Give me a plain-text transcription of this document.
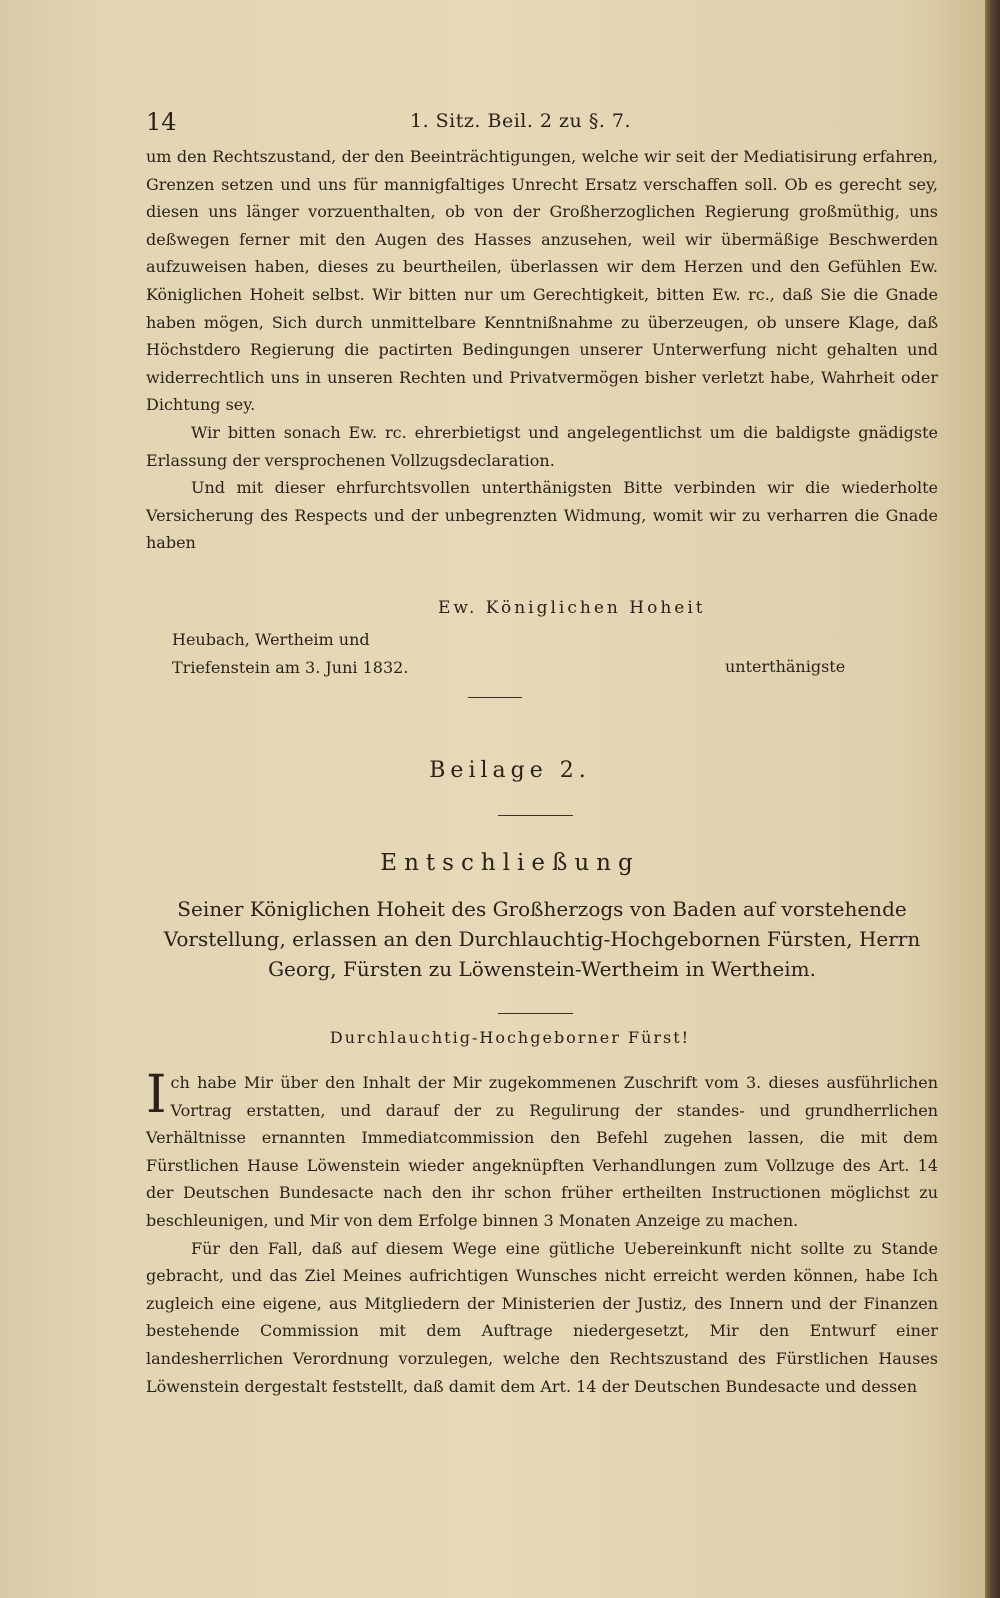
14	1. Sitz. Beil. 2 zu §. 7.

um den Rechtszustand, der den Beeinträchtigungen, welche wir seit der Mediatisirung erfahren, Grenzen setzen und uns für mannigfaltiges Unrecht Ersatz verschaffen soll. Ob es gerecht sey, diesen uns länger vorzuenthalten, ob von der Großherzoglichen Regierung großmüthig, uns deßwegen ferner mit den Augen des Hasses anzusehen, weil wir übermäßige Beschwerden aufzuweisen haben, dieses zu beurtheilen, überlassen wir dem Herzen und den Gefühlen Ew. Königlichen Hoheit selbst. Wir bitten nur um Gerechtigkeit, bitten Ew. rc., daß Sie die Gnade haben mögen, Sich durch unmittelbare Kenntnißnahme zu überzeugen, ob unsere Klage, daß Höchstdero Regierung die pactirten Bedingungen unserer Unterwerfung nicht gehalten und widerrechtlich uns in unseren Rechten und Privatvermögen bisher verletzt habe, Wahrheit oder Dichtung sey.

Wir bitten sonach Ew. rc. ehrerbietigst und angelegentlichst um die baldigste gnädigste Erlassung der versprochenen Vollzugsdeclaration.

Und mit dieser ehrfurchtsvollen unterthänigsten Bitte verbinden wir die wiederholte Versicherung des Respects und der unbegrenzten Widmung, womit wir zu verharren die Gnade haben

Ew. Königlichen Hoheit
Heubach, Wertheim und
Triefenstein am 3. Juni 1832.	unterthänigste
Beilage 2.
Entschließung
Seiner Königlichen Hoheit des Großherzogs von Baden auf vorstehende Vorstellung, erlassen an den Durchlauchtig-Hochgebornen Fürsten, Herrn Georg, Fürsten zu Löwenstein-Wertheim in Wertheim.
Durchlauchtig-Hochgeborner Fürst!

Ich habe Mir über den Inhalt der Mir zugekommenen Zuschrift vom 3. dieses ausführlichen Vortrag erstatten, und darauf der zu Regulirung der standes- und grundherrlichen Verhältnisse ernannten Immediatcommission den Befehl zugehen lassen, die mit dem Fürstlichen Hause Löwenstein wieder angeknüpften Verhandlungen zum Vollzuge des Art. 14 der Deutschen Bundesacte nach den ihr schon früher ertheilten Instructionen möglichst zu beschleunigen, und Mir von dem Erfolge binnen 3 Monaten Anzeige zu machen.

Für den Fall, daß auf diesem Wege eine gütliche Uebereinkunft nicht sollte zu Stande gebracht, und das Ziel Meines aufrichtigen Wunsches nicht erreicht werden können, habe Ich zugleich eine eigene, aus Mitgliedern der Ministerien der Justiz, des Innern und der Finanzen bestehende Commission mit dem Auftrage niedergesetzt, Mir den Entwurf einer landesherrlichen Verordnung vorzulegen, welche den Rechtszustand des Fürstlichen Hauses Löwenstein dergestalt feststellt, daß damit dem Art. 14 der Deutschen Bundesacte und dessen
